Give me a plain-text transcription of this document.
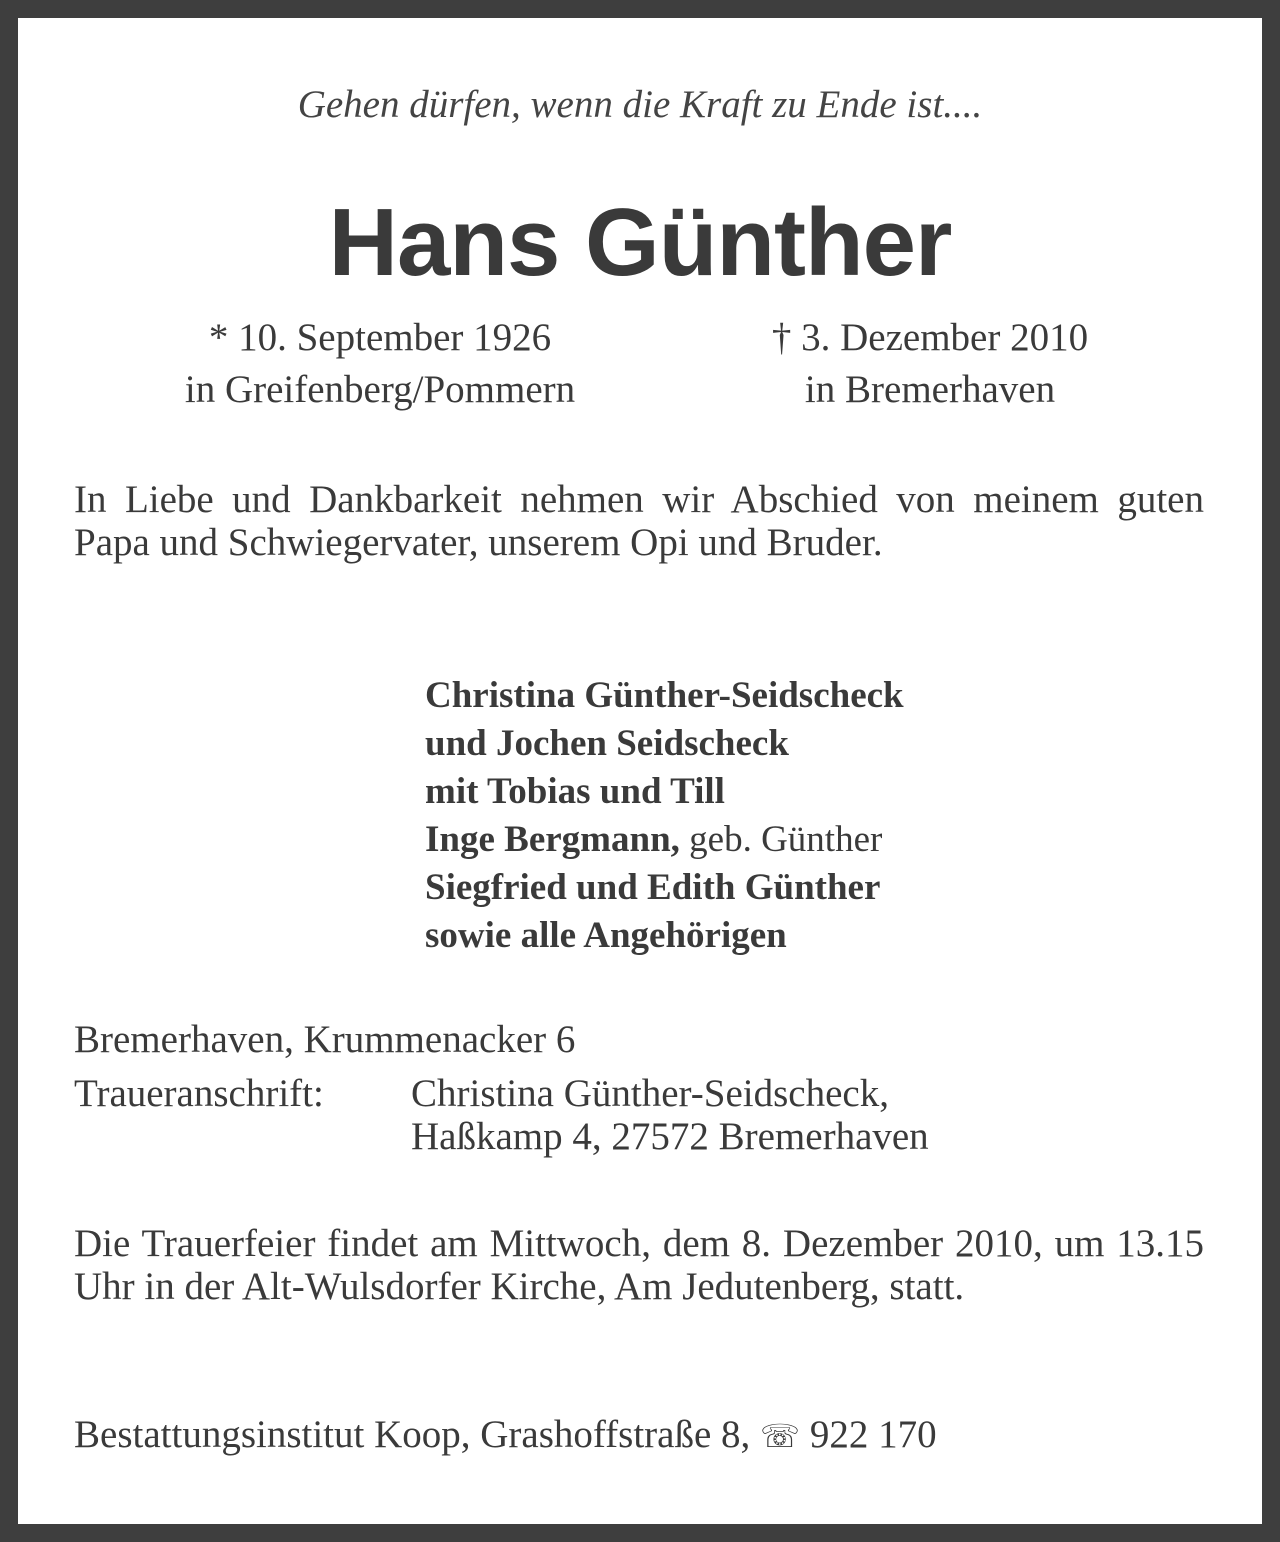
Gehen dürfen, wenn die Kraft zu Ende ist....
Hans Günther
* 10. September 1926
in Greifenberg/Pommern
† 3. Dezember 2010
in Bremerhaven
In Liebe und Dankbarkeit nehmen wir Abschied von meinem guten Papa und Schwiegervater, unserem Opi und Bruder.
Christina Günther-Seidscheck
und Jochen Seidscheck
mit Tobias und Till
Inge Bergmann, geb. Günther
Siegfried und Edith Günther
sowie alle Angehörigen
Bremerhaven, Krummenacker 6
Traueranschrift: Christina Günther-Seidscheck,
Haßkamp 4, 27572 Bremerhaven
Die Trauerfeier findet am Mittwoch, dem 8. Dezember 2010, um 13.15 Uhr in der Alt-Wulsdorfer Kirche, Am Jedutenberg, statt.
Bestattungsinstitut Koop, Grashoffstraße 8, ☏ 922 170
